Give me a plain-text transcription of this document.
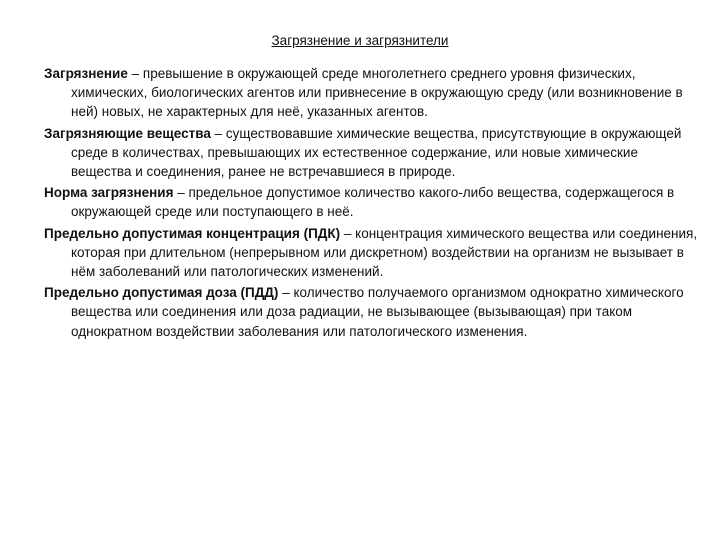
Загрязнение и загрязнители

Загрязнение – превышение в окружающей среде многолетнего среднего уровня физических, химических, биологических агентов или привнесение в окружающую среду (или возникновение в ней) новых, не характерных для неё, указанных агентов.

Загрязняющие вещества – существовавшие химические вещества, присутствующие в окружающей среде в количествах, превышающих их естественное содержание, или новые химические вещества и соединения, ранее не встречавшиеся в природе.

Норма загрязнения – предельное допустимое количество какого-либо вещества, содержащегося в окружающей среде или поступающего в неё.

Предельно допустимая концентрация (ПДК) – концентрация химического вещества или соединения, которая при длительном (непрерывном или дискретном) воздействии на организм не вызывает в нём заболеваний или патологических изменений.

Предельно допустимая доза (ПДД) – количество получаемого организмом однократно химического вещества или соединения или доза радиации, не вызывающее (вызывающая) при таком однократном воздействии заболевания или патологического изменения.
